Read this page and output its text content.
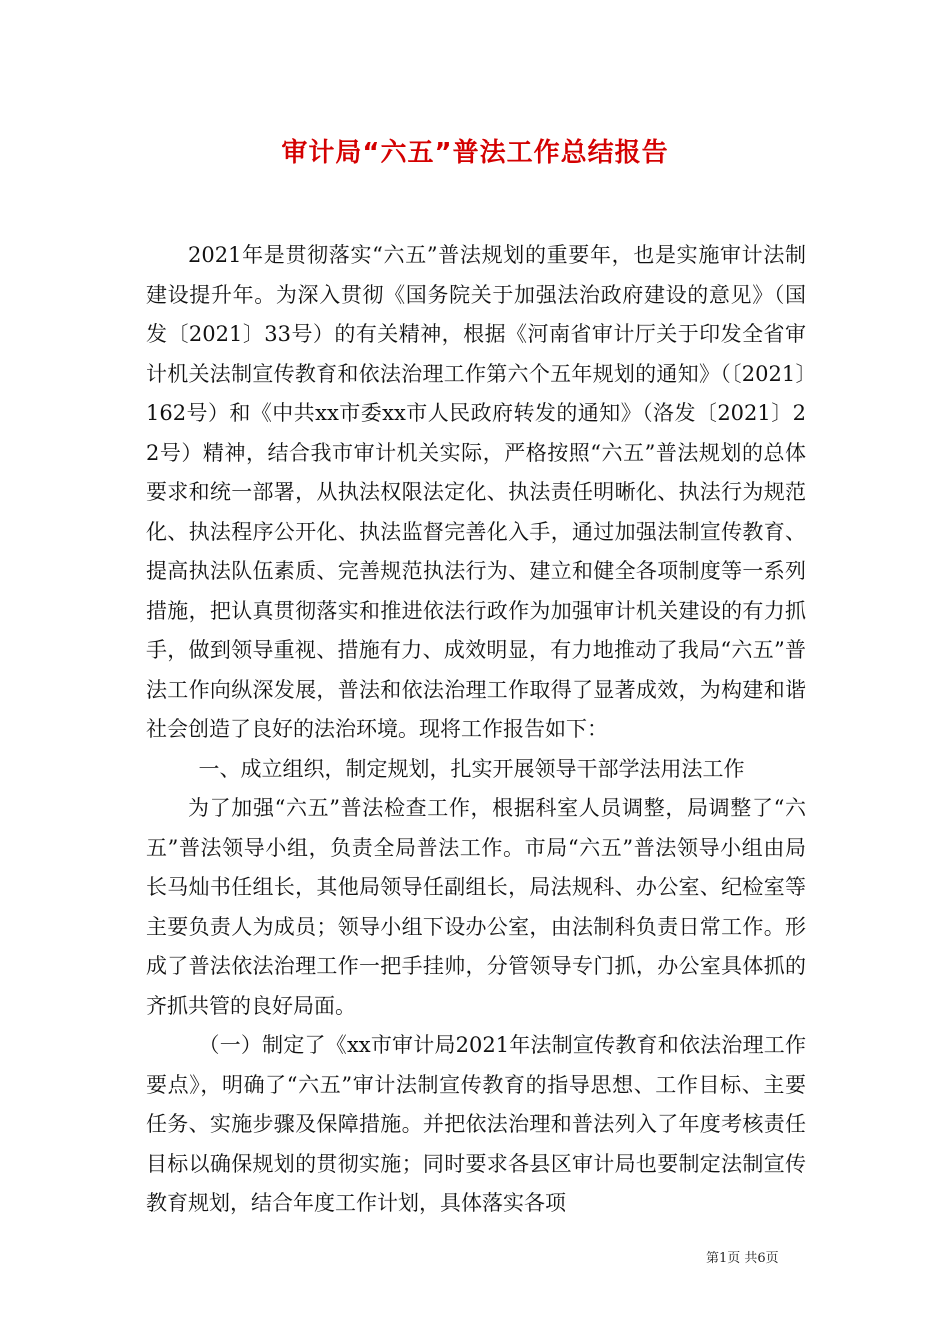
审计局“六五”普法工作总结报告

2021年是贯彻落实“六五”普法规划的重要年，也是实施审计法制建设提升年。为深入贯彻《国务院关于加强法治政府建设的意见》（国发〔2021〕33号）的有关精神，根据《河南省审计厅关于印发全省审计机关法制宣传教育和依法治理工作第六个五年规划的通知》（〔2021〕162号）和《中共xx市委xx市人民政府转发的通知》（洛发〔2021〕22号）精神，结合我市审计机关实际，严格按照“六五”普法规划的总体要求和统一部署，从执法权限法定化、执法责任明晰化、执法行为规范化、执法程序公开化、执法监督完善化入手，通过加强法制宣传教育、提高执法队伍素质、完善规范执法行为、建立和健全各项制度等一系列措施，把认真贯彻落实和推进依法行政作为加强审计机关建设的有力抓手，做到领导重视、措施有力、成效明显，有力地推动了我局“六五”普法工作向纵深发展，普法和依法治理工作取得了显著成效，为构建和谐社会创造了良好的法治环境。现将工作报告如下：

一、成立组织，制定规划，扎实开展领导干部学法用法工作

为了加强“六五”普法检查工作，根据科室人员调整，局调整了“六五”普法领导小组，负责全局普法工作。市局“六五”普法领导小组由局长马灿书任组长，其他局领导任副组长，局法规科、办公室、纪检室等主要负责人为成员；领导小组下设办公室，由法制科负责日常工作。形成了普法依法治理工作一把手挂帅，分管领导专门抓，办公室具体抓的齐抓共管的良好局面。

（一）制定了《xx市审计局2021年法制宣传教育和依法治理工作要点》，明确了“六五”审计法制宣传教育的指导思想、工作目标、主要任务、实施步骤及保障措施。并把依法治理和普法列入了年度考核责任目标以确保规划的贯彻实施；同时要求各县区审计局也要制定法制宣传教育规划，结合年度工作计划，具体落实各项

第1页 共6页
